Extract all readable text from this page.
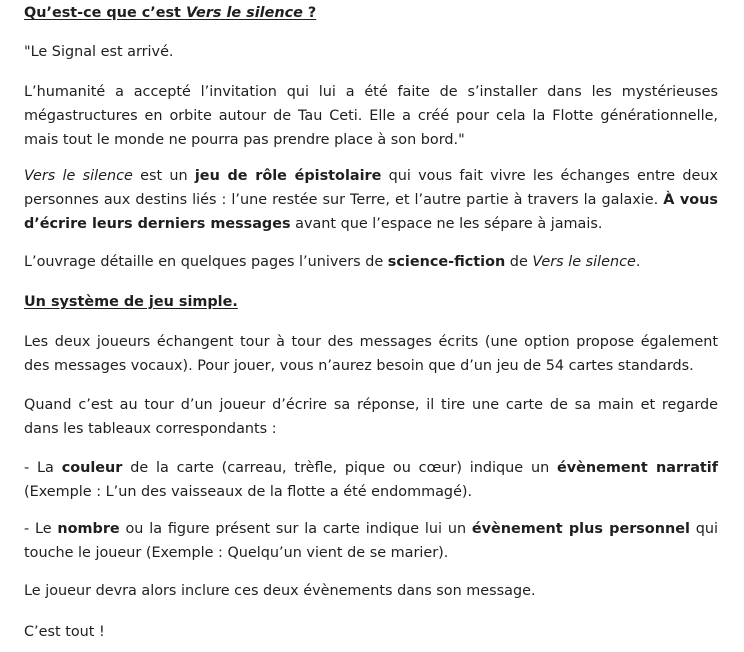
Qu’est-ce que c’est Vers le silence ?

"Le Signal est arrivé.

L’humanité a accepté l’invitation qui lui a été faite de s’installer dans les mystérieuses mégastructures en orbite autour de Tau Ceti. Elle a créé pour cela la Flotte générationnelle, mais tout le monde ne pourra pas prendre place à son bord."

Vers le silence est un jeu de rôle épistolaire qui vous fait vivre les échanges entre deux personnes aux destins liés : l’une restée sur Terre, et l’autre partie à travers la galaxie. À vous d’écrire leurs derniers messages avant que l’espace ne les sépare à jamais.

L’ouvrage détaille en quelques pages l’univers de science-fiction de Vers le silence.

Un système de jeu simple.

Les deux joueurs échangent tour à tour des messages écrits (une option propose également des messages vocaux). Pour jouer, vous n’aurez besoin que d’un jeu de 54 cartes standards.

Quand c’est au tour d’un joueur d’écrire sa réponse, il tire une carte de sa main et regarde dans les tableaux correspondants :

- La couleur de la carte (carreau, trèfle, pique ou cœur) indique un évènement narratif (Exemple : L’un des vaisseaux de la flotte a été endommagé).

- Le nombre ou la figure présent sur la carte indique lui un évènement plus personnel qui touche le joueur (Exemple : Quelqu’un vient de se marier).

Le joueur devra alors inclure ces deux évènements dans son message.

C’est tout !
